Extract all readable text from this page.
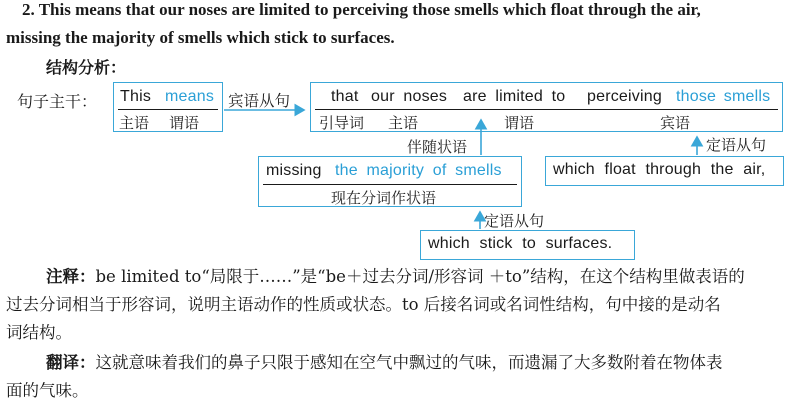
2. This means that our noses are limited to perceiving those smells which float through the air,
missing the majority of smells which stick to surfaces.
结构分析：
句子主干： This means
主语 谓语
宾语从句	that our noses are limited to perceiving those smells
引导词 主语	谓语	宾语
伴随状语	定语从句
missing the majority of smells
现在分词作状语
which float through the air,
定语从句
which stick to surfaces.
注释：be limited to“局限于……”是“be＋过去分词/形容词 ＋to”结构，在这个结构里做表语的
过去分词相当于形容词，说明主语动作的性质或状态。to 后接名词或名词性结构，句中接的是动名
词结构。
翻译：这就意味着我们的鼻子只限于感知在空气中飘过的气味，而遗漏了大多数附着在物体表
面的气味。
